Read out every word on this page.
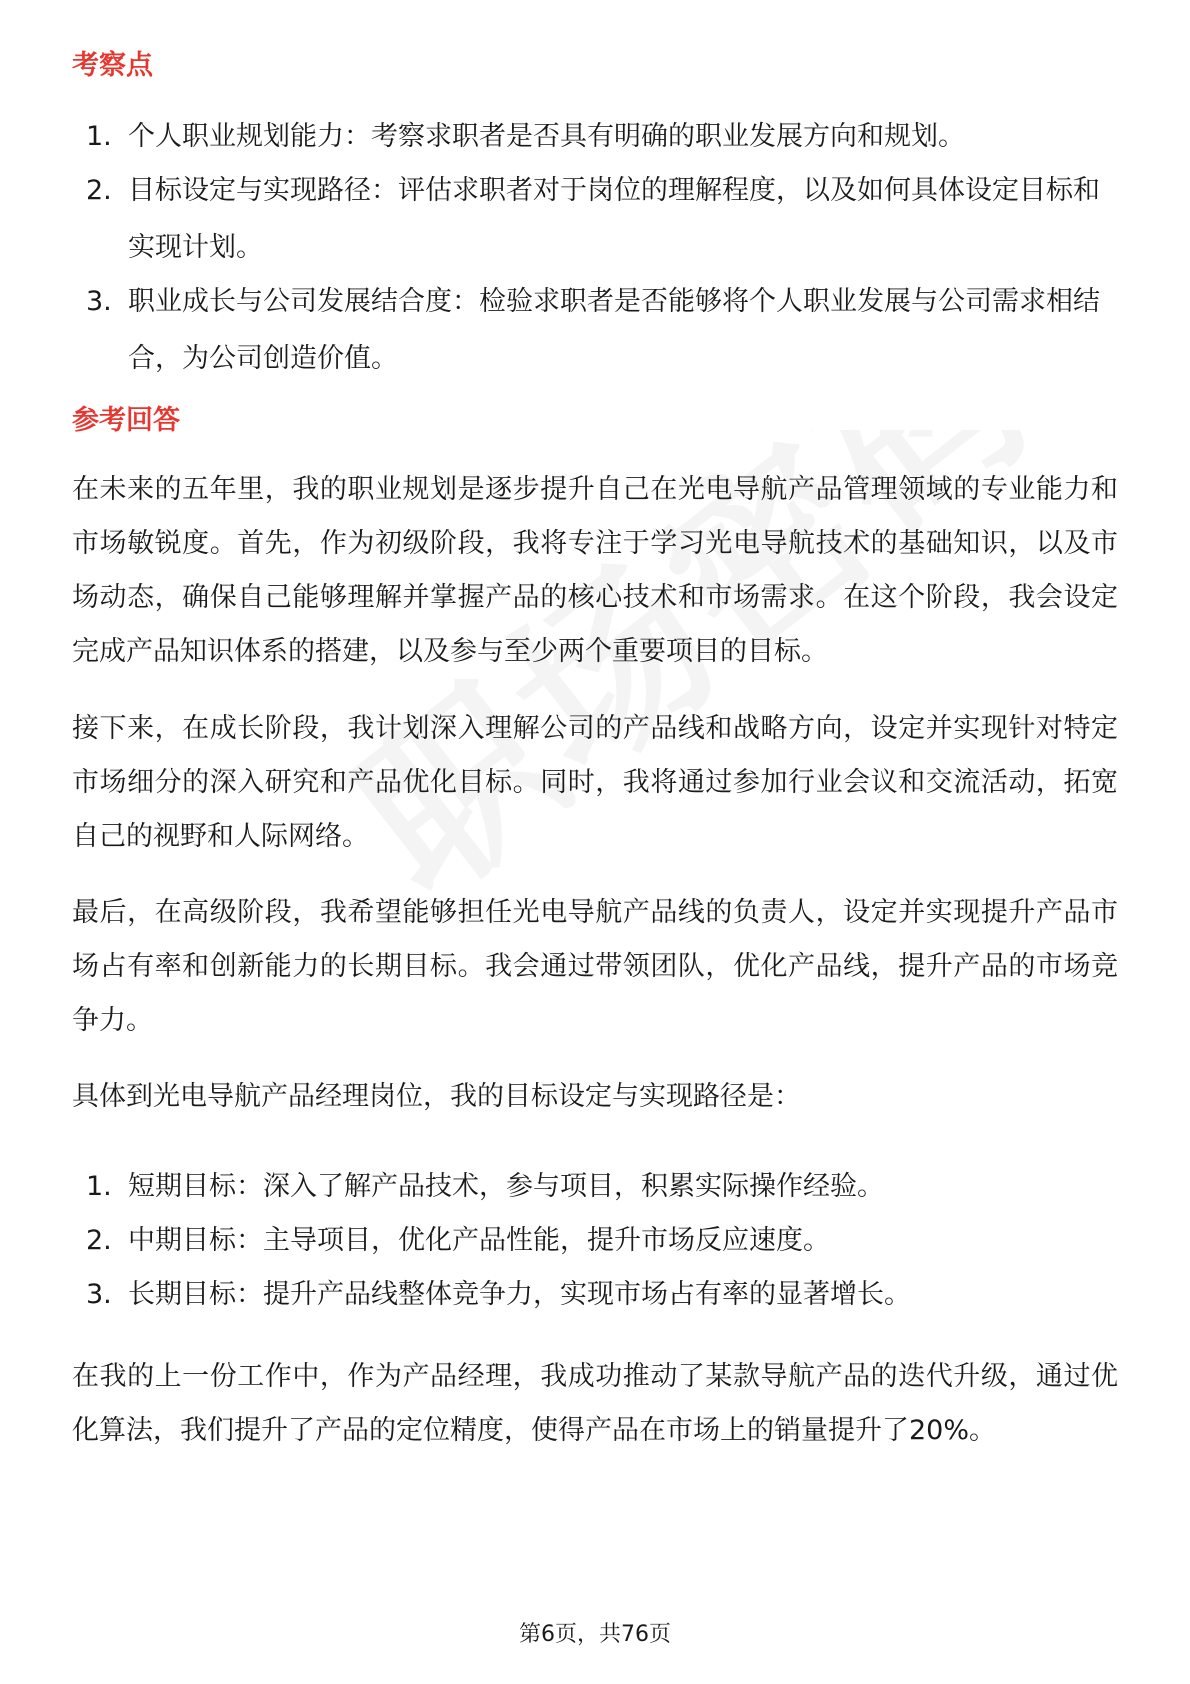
考察点
1. 个人职业规划能力：考察求职者是否具有明确的职业发展方向和规划。
2. 目标设定与实现路径：评估求职者对于岗位的理解程度，以及如何具体设定目标和实现计划。
3. 职业成长与公司发展结合度：检验求职者是否能够将个人职业发展与公司需求相结合，为公司创造价值。
参考回答
在未来的五年里，我的职业规划是逐步提升自己在光电导航产品管理领域的专业能力和市场敏锐度。首先，作为初级阶段，我将专注于学习光电导航技术的基础知识，以及市场动态，确保自己能够理解并掌握产品的核心技术和市场需求。在这个阶段，我会设定完成产品知识体系的搭建，以及参与至少两个重要项目的目标。
接下来，在成长阶段，我计划深入理解公司的产品线和战略方向，设定并实现针对特定市场细分的深入研究和产品优化目标。同时，我将通过参加行业会议和交流活动，拓宽自己的视野和人际网络。
最后，在高级阶段，我希望能够担任光电导航产品线的负责人，设定并实现提升产品市场占有率和创新能力的长期目标。我会通过带领团队，优化产品线，提升产品的市场竞争力。
具体到光电导航产品经理岗位，我的目标设定与实现路径是：
1. 短期目标：深入了解产品技术，参与项目，积累实际操作经验。
2. 中期目标：主导项目，优化产品性能，提升市场反应速度。
3. 长期目标：提升产品线整体竞争力，实现市场占有率的显著增长。
在我的上一份工作中，作为产品经理，我成功推动了某款导航产品的迭代升级，通过优化算法，我们提升了产品的定位精度，使得产品在市场上的销量提升了20%。
第6页，共76页
